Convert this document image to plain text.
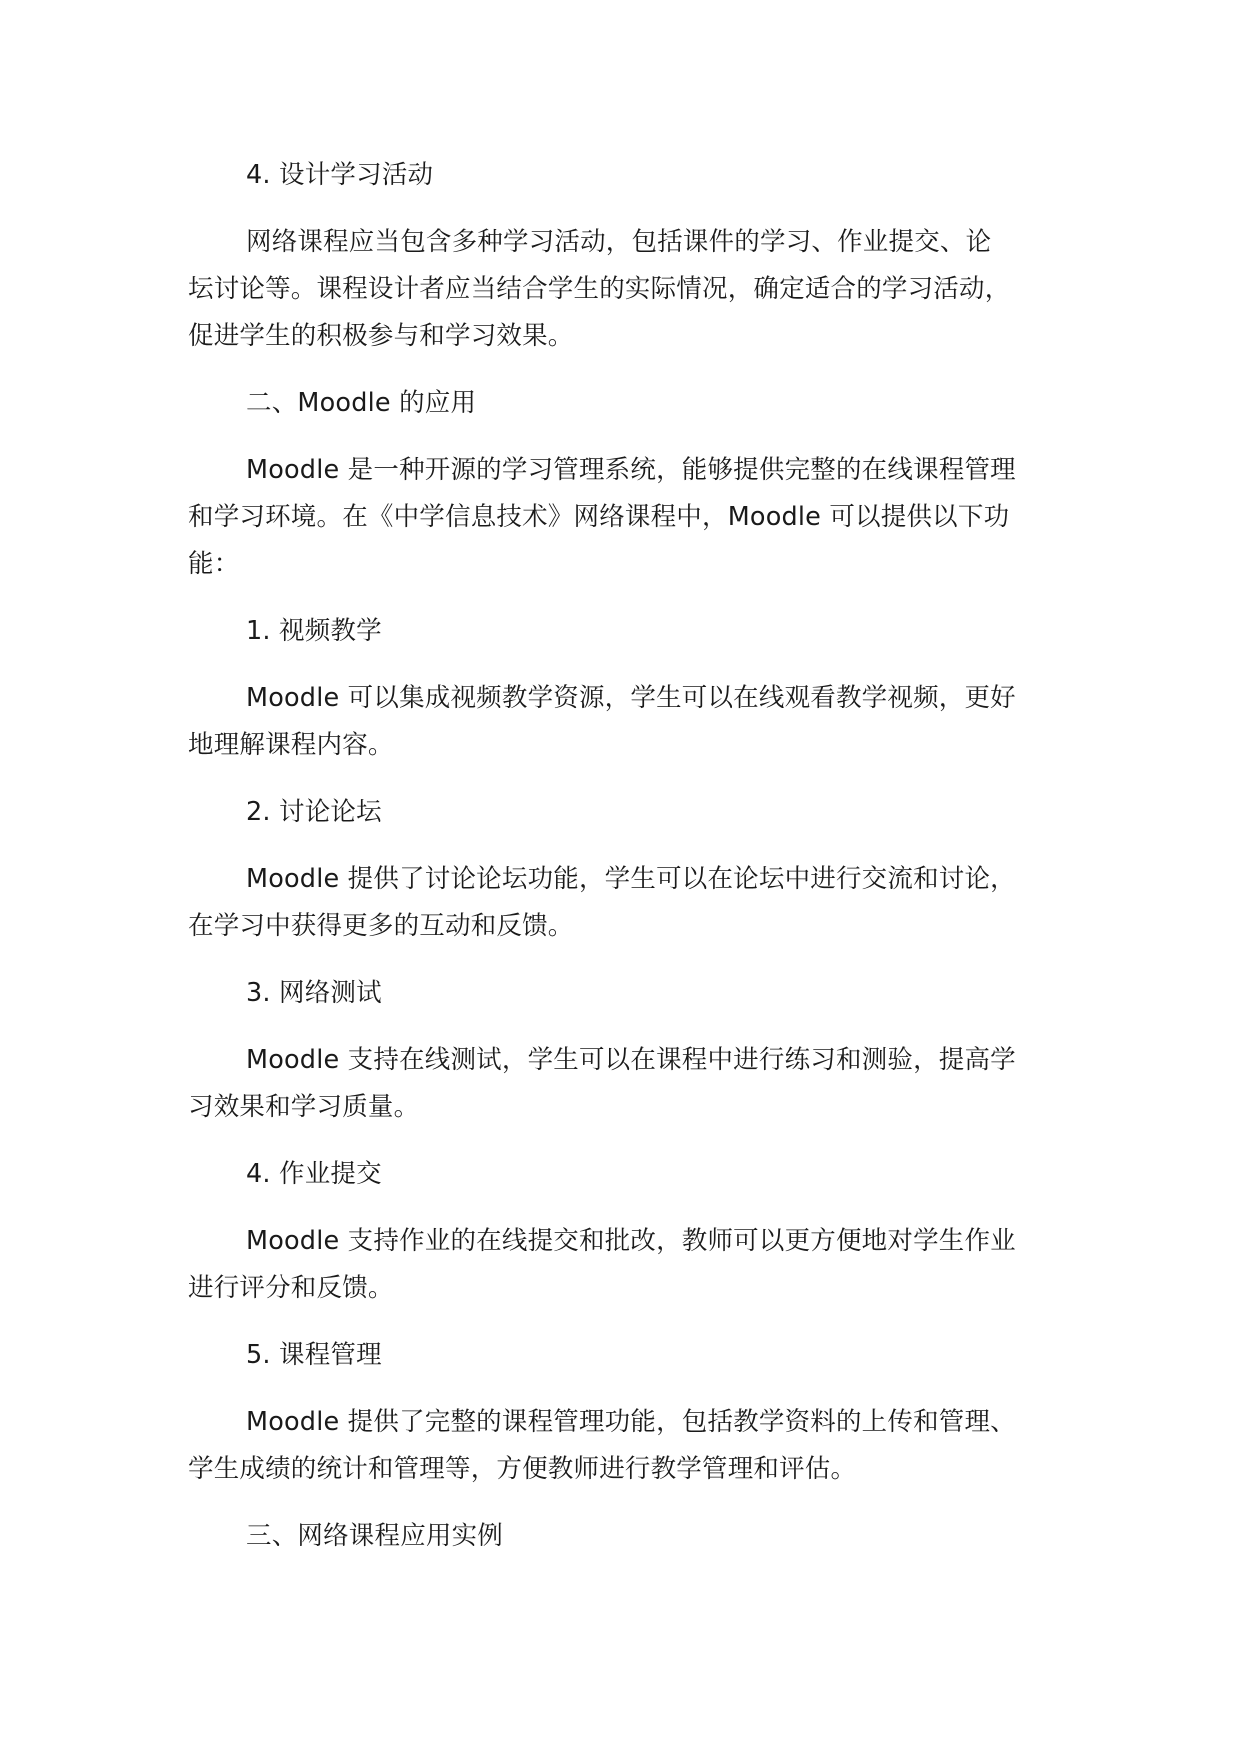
4. 设计学习活动

网络课程应当包含多种学习活动，包括课件的学习、作业提交、论
坛讨论等。课程设计者应当结合学生的实际情况，确定适合的学习活动，
促进学生的积极参与和学习效果。

二、Moodle 的应用

Moodle 是一种开源的学习管理系统，能够提供完整的在线课程管理
和学习环境。在《中学信息技术》网络课程中，Moodle 可以提供以下功
能：

1. 视频教学

Moodle 可以集成视频教学资源，学生可以在线观看教学视频，更好
地理解课程内容。

2. 讨论论坛

Moodle 提供了讨论论坛功能，学生可以在论坛中进行交流和讨论，
在学习中获得更多的互动和反馈。

3. 网络测试

Moodle 支持在线测试，学生可以在课程中进行练习和测验，提高学
习效果和学习质量。

4. 作业提交

Moodle 支持作业的在线提交和批改，教师可以更方便地对学生作业
进行评分和反馈。

5. 课程管理

Moodle 提供了完整的课程管理功能，包括教学资料的上传和管理、
学生成绩的统计和管理等，方便教师进行教学管理和评估。

三、网络课程应用实例
